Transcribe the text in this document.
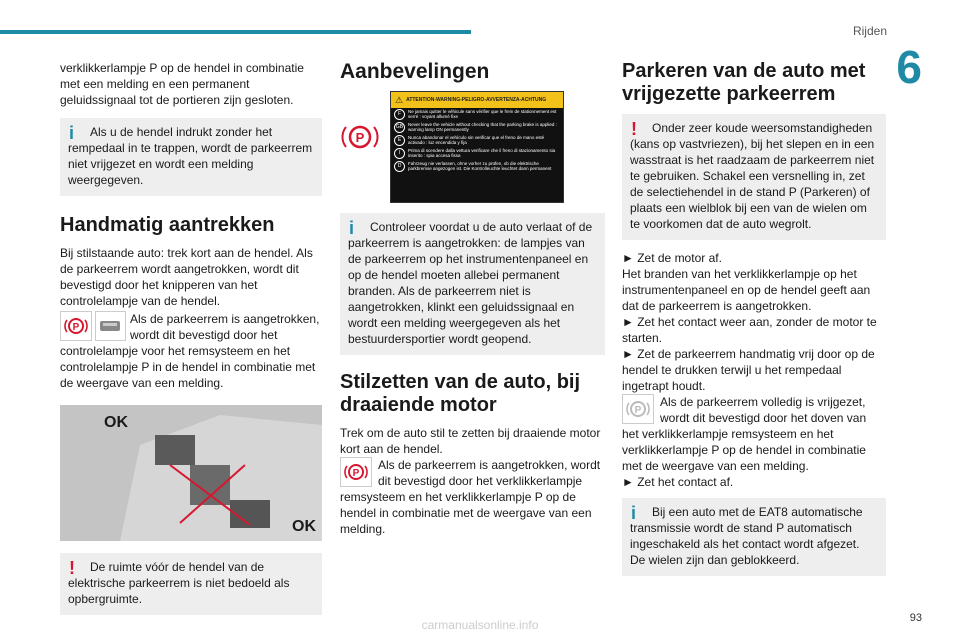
Rijden
6

verklikkerlampje P op de hendel in combinatie met een melding en een permanent geluidssignaal tot de portieren zijn gesloten.

i	Als u de hendel indrukt zonder het rempedaal in te trappen, wordt de parkeerrem niet vrijgezet en wordt een melding weergegeven.

Handmatig aantrekken

Bij stilstaande auto: trek kort aan de hendel. Als de parkeerrem wordt aangetrokken, wordt dit bevestigd door het knipperen van het controlelampje van de hendel.

P

Als de parkeerrem is aangetrokken, wordt dit bevestigd door het controlelampje voor het remsysteem en het controlelampje P in de hendel in combinatie met de weergave van een melding.

OK
OK
!	De ruimte vóór de hendel van de elektrische parkeerrem is niet bedoeld als opbergruimte.

Aanbevelingen
P
⚠ ATTENTION-WARNING-PELIGRO-AVVERTENZA-ACHTUNG
F	Ne jamais quitter le véhicule sans vérifier que le frein de stationnement est serré : voyant allumé fixe
GB	Never leave the vehicle without checking that the parking brake is applied : warning lamp ON permanently
E	Nunca abandonar el vehículo sin verificar que el freno de mano esté activado : luz encendida y fija
I	Prima di scendere dalla vettura verificare che il freno di stazionamento sia inserito : spia accesa fissa
D	Fahrzeug nie verlassen, ohne vorher zu prüfen, ob die elektrische parkbremse angezogen ist. Die Kontrolleuchte leuchtet dann permanent
i	Controleer voordat u de auto verlaat of de parkeerrem is aangetrokken: de lampjes van de parkeerrem op het instrumentenpaneel en op de hendel moeten allebei permanent branden. Als de parkeerrem niet is aangetrokken, klinkt een geluidssignaal en wordt een melding weergegeven als het bestuurdersportier wordt geopend.

Stilzetten van de auto, bij draaiende motor

Trek om de auto stil te zetten bij draaiende motor kort aan de hendel.

P

Als de parkeerrem is aangetrokken, wordt dit bevestigd door het verklikkerlampje remsysteem en het verklikkerlampje P op de hendel in combinatie met de weergave van een melding.

Parkeren van de auto met vrijgezette parkeerrem
!	Onder zeer koude weersomstandigheden (kans op vastvriezen), bij het slepen en in een wasstraat is het raadzaam de parkeerrem niet te gebruiken. Schakel een versnelling in, zet de selectiehendel in de stand P (Parkeren) of plaats een wielblok bij een van de wielen om te voorkomen dat de auto wegrolt.

► Zet de motor af.

Het branden van het verklikkerlampje op het instrumentenpaneel en op de hendel geeft aan dat de parkeerrem is aangetrokken.

► Zet het contact weer aan, zonder de motor te starten.

► Zet de parkeerrem handmatig vrij door op de hendel te drukken terwijl u het rempedaal ingetrapt houdt.

P

Als de parkeerrem volledig is vrijgezet, wordt dit bevestigd door het doven van het verklikkerlampje remsysteem en het verklikkerlampje P op de hendel in combinatie met de weergave van een melding.

► Zet het contact af.

i	Bij een auto met de EAT8 automatische transmissie wordt de stand P automatisch ingeschakeld als het contact wordt afgezet. De wielen zijn dan geblokkeerd.

93
carmanualsonline.info
